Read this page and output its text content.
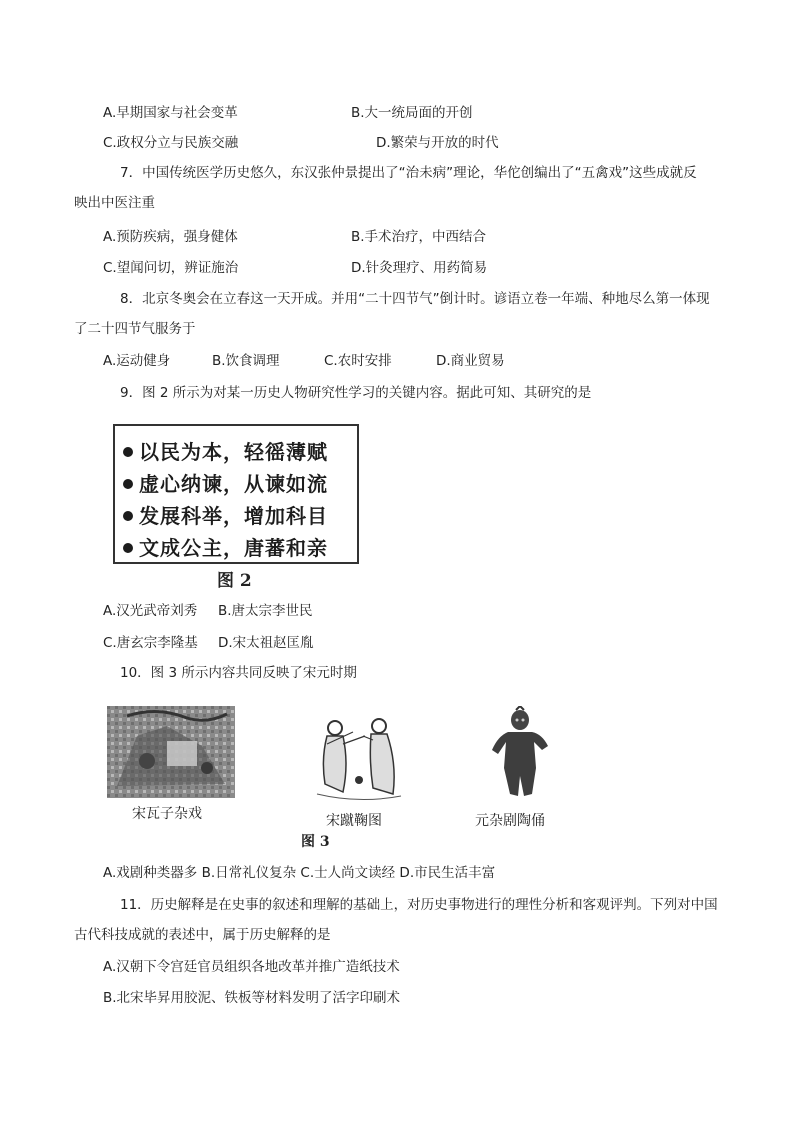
A.早期国家与社会变革	B.大一统局面的开创
C.政权分立与民族交融	D.繁荣与开放的时代
7．中国传统医学历史悠久，东汉张仲景提出了“治未病”理论，华佗创编出了“五禽戏”这些成就反
映出中医注重
A.预防疾病，强身健体	B.手术治疗，中西结合
C.望闻问切，辨证施治	D.针灸理疗、用药简易
8．北京冬奥会在立春这一天开成。并用“二十四节气”倒计时。谚语立卷一年端、种地尽么第一体现
了二十四节气服务于
A.运动健身	B.饮食调理	C.农时安排	D.商业贸易
9．图 2 所示为对某一历史人物研究性学习的关键内容。据此可知、其研究的是
以民为本，轻徭薄赋
虚心纳谏，从谏如流
发展科举，增加科目
文成公主，唐蕃和亲
图 2
A.汉光武帝刘秀 B.唐太宗李世民
C.唐玄宗李隆基 D.宋太祖赵匡胤
10．图 3 所示内容共同反映了宋元时期
宋瓦子杂戏	宋蹴鞠图	元杂剧陶俑
图 3
A.戏剧种类器多 B.日常礼仪复杂 C.士人尚文读经 D.市民生活丰富
11．历史解释是在史事的叙述和理解的基础上，对历史事物进行的理性分析和客观评判。下列对中国
古代科技成就的表述中，属于历史解释的是
A.汉朝下令宫廷官员组织各地改革并推广造纸技术
B.北宋毕昇用胶泥、铁板等材料发明了活字印刷术
